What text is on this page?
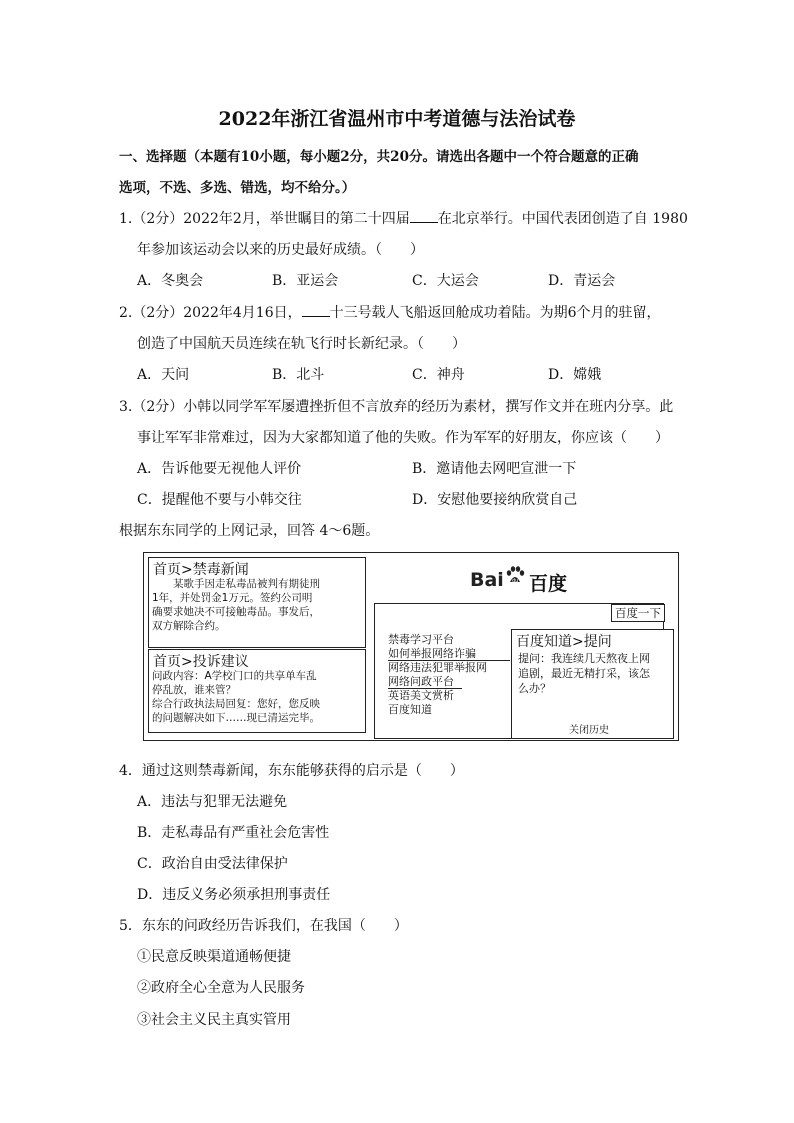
2022年浙江省温州市中考道德与法治试卷
一、选择题（本题有10小题，每小题2分，共20分。请选出各题中一个符合题意的正确
选项，不选、多选、错选，均不给分。）
1.（2分）2022年2月，举世瞩目的第二十四届 在北京举行。中国代表团创造了自 1980
年参加该运动会以来的历史最好成绩。（　　）
A．冬奥会	B．亚运会	C．大运会	D．青运会
2.（2分）2022年4月16日， 十三号载人飞船返回舱成功着陆。为期6个月的驻留，
创造了中国航天员连续在轨飞行时长新纪录。（　　）
A．天问	B．北斗	C．神舟	D．嫦娥
3.（2分）小韩以同学军军屡遭挫折但不言放弃的经历为素材，撰写作文并在班内分享。此
事让军军非常难过，因为大家都知道了他的失败。作为军军的好朋友，你应该（　　）
A．告诉他要无视他人评价	B．邀请他去网吧宣泄一下
C．提醒他不要与小韩交往	D．安慰他要接纳欣赏自己
根据东东同学的上网记录，回答 4～6题。
首页>禁毒新闻
　　某歌手因走私毒品被判有期徒刑
1年，并处罚金1万元。签约公司明
确要求她决不可接触毒品。事发后，
双方解除合约。
首页>投诉建议
问政内容：A学校门口的共享单车乱
停乱放，谁来管？
综合行政执法局回复：您好，您反映
的问题解决如下……现已清运完毕。
Bai du 百度
百度一下
禁毒学习平台
如何举报网络诈骗
网络违法犯罪举报网
网络问政平台
英语美文赏析
百度知道
百度知道>提问
提问：我连续几天熬夜上网
追剧，最近无精打采，该怎
么办？
关闭历史
4．通过这则禁毒新闻，东东能够获得的启示是（　　）
A．违法与犯罪无法避免
B．走私毒品有严重社会危害性
C．政治自由受法律保护
D．违反义务必须承担刑事责任
5．东东的问政经历告诉我们，在我国（　　）
①民意反映渠道通畅便捷
②政府全心全意为人民服务
③社会主义民主真实管用
